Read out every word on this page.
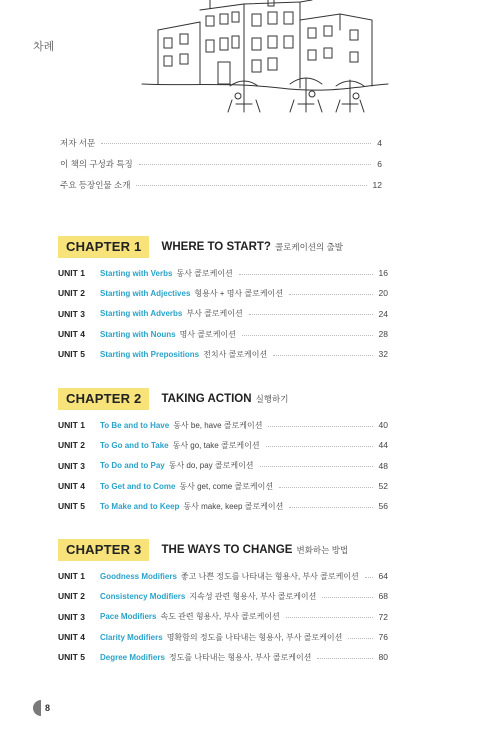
차례
저자 서문	4
이 책의 구성과 특징	6
주요 등장인물 소개	12
CHAPTER 1	WHERE TO START? 콜로케이션의 출발
UNIT 1	Starting with Verbs 동사 콜로케이션	16
UNIT 2	Starting with Adjectives 형용사 + 명사 콜로케이션	20
UNIT 3	Starting with Adverbs 부사 콜로케이션	24
UNIT 4	Starting with Nouns 명사 콜로케이션	28
UNIT 5	Starting with Prepositions 전치사 콜로케이션	32
CHAPTER 2	TAKING ACTION 실행하기
UNIT 1	To Be and to Have 동사 be, have 콜로케이션	40
UNIT 2	To Go and to Take 동사 go, take 콜로케이션	44
UNIT 3	To Do and to Pay 동사 do, pay 콜로케이션	48
UNIT 4	To Get and to Come 동사 get, come 콜로케이션	52
UNIT 5	To Make and to Keep 동사 make, keep 콜로케이션	56
CHAPTER 3	THE WAYS TO CHANGE 변화하는 방법
UNIT 1	Goodness Modifiers 좋고 나쁜 정도를 나타내는 형용사, 부사 콜로케이션 64
UNIT 2	Consistency Modifiers 지속성 관련 형용사, 부사 콜로케이션	68
UNIT 3	Pace Modifiers 속도 관련 형용사, 부사 콜로케이션	72
UNIT 4	Clarity Modifiers 명확함의 정도를 나타내는 형용사, 부사 콜로케이션	76
UNIT 5	Degree Modifiers 정도를 나타내는 형용사, 부사 콜로케이션	80
8
